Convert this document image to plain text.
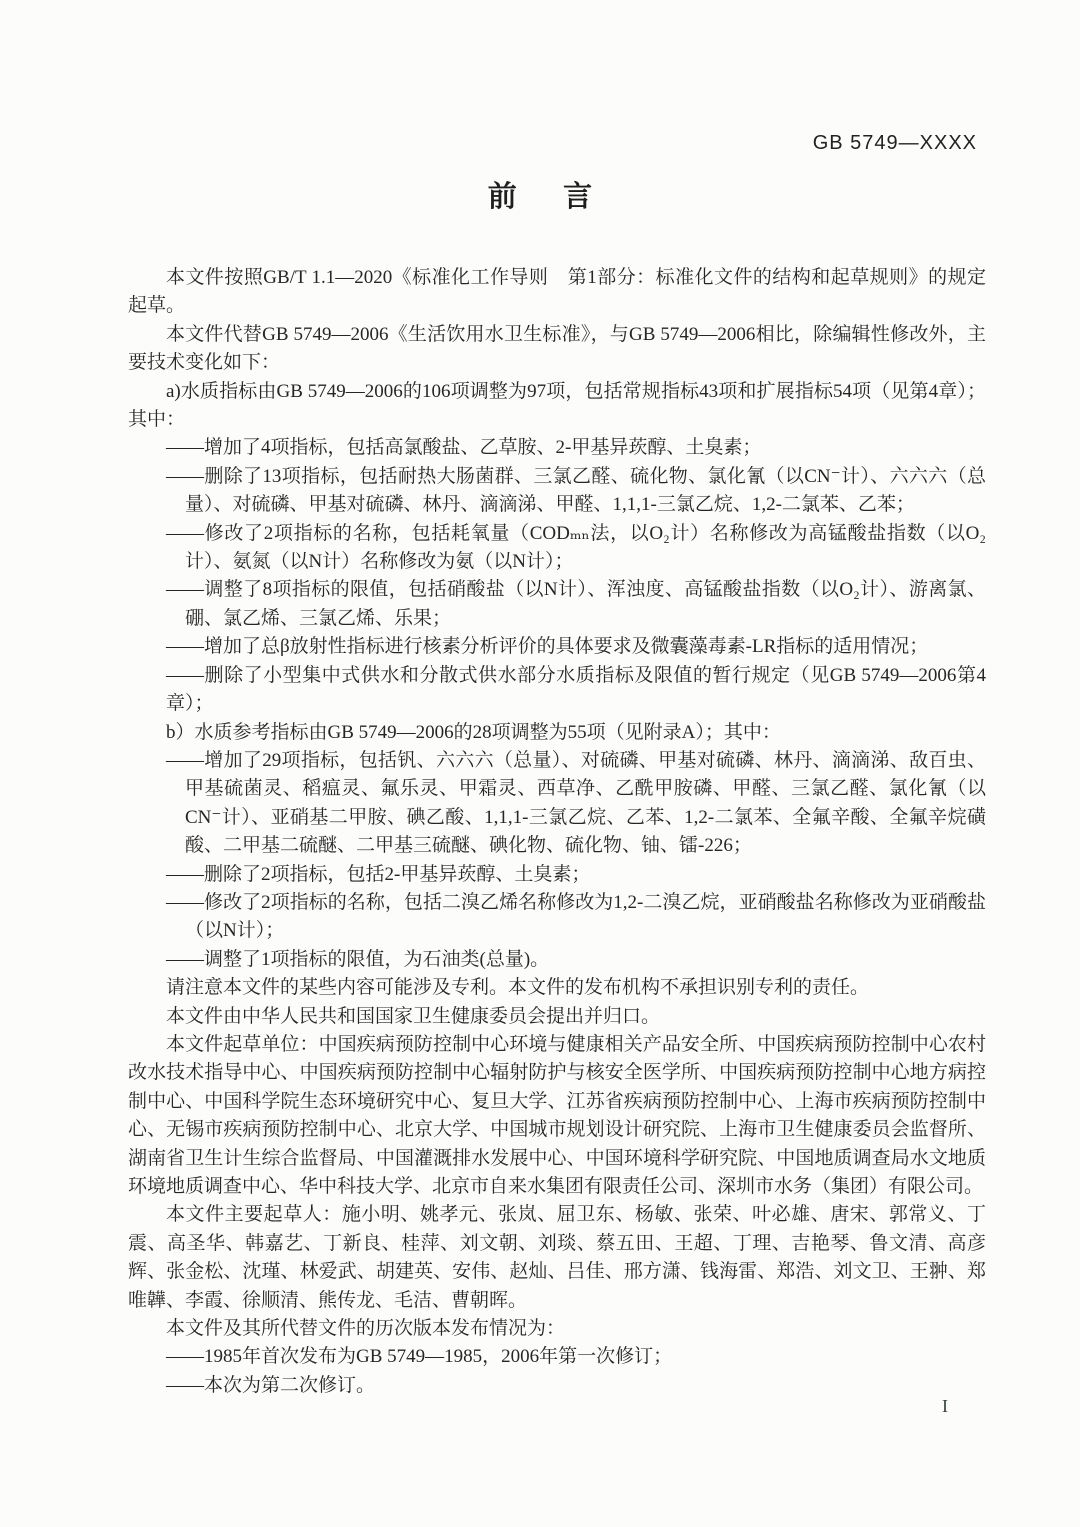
GB 5749—XXXX
前言

本文件按照GB/T 1.1—2020《标准化工作导则　第1部分：标准化文件的结构和起草规则》的规定起草。

本文件代替GB 5749—2006《生活饮用水卫生标准》，与GB 5749—2006相比，除编辑性修改外，主要技术变化如下：

a)水质指标由GB 5749—2006的106项调整为97项，包括常规指标43项和扩展指标54项（见第4章）；其中：

——增加了4项指标，包括高氯酸盐、乙草胺、2-甲基异莰醇、土臭素；

——删除了13项指标，包括耐热大肠菌群、三氯乙醛、硫化物、氯化氰（以CN⁻计）、六六六（总量）、对硫磷、甲基对硫磷、林丹、滴滴涕、甲醛、1,1,1-三氯乙烷、1,2-二氯苯、乙苯；

——修改了2项指标的名称，包括耗氧量（CODₘₙ法，以O₂计）名称修改为高锰酸盐指数（以O₂计）、氨氮（以N计）名称修改为氨（以N计）；

——调整了8项指标的限值，包括硝酸盐（以N计）、浑浊度、高锰酸盐指数（以O₂计）、游离氯、硼、氯乙烯、三氯乙烯、乐果；

——增加了总β放射性指标进行核素分析评价的具体要求及微囊藻毒素-LR指标的适用情况；

——删除了小型集中式供水和分散式供水部分水质指标及限值的暂行规定（见GB 5749—2006第4章）；

b）水质参考指标由GB 5749—2006的28项调整为55项（见附录A）；其中：

——增加了29项指标，包括钒、六六六（总量）、对硫磷、甲基对硫磷、林丹、滴滴涕、敌百虫、甲基硫菌灵、稻瘟灵、氟乐灵、甲霜灵、西草净、乙酰甲胺磷、甲醛、三氯乙醛、氯化氰（以CN⁻计）、亚硝基二甲胺、碘乙酸、1,1,1-三氯乙烷、乙苯、1,2-二氯苯、全氟辛酸、全氟辛烷磺酸、二甲基二硫醚、二甲基三硫醚、碘化物、硫化物、铀、镭-226；

——删除了2项指标，包括2-甲基异莰醇、土臭素；

——修改了2项指标的名称，包括二溴乙烯名称修改为1,2-二溴乙烷，亚硝酸盐名称修改为亚硝酸盐（以N计）；

——调整了1项指标的限值，为石油类(总量)。

请注意本文件的某些内容可能涉及专利。本文件的发布机构不承担识别专利的责任。

本文件由中华人民共和国国家卫生健康委员会提出并归口。

本文件起草单位：中国疾病预防控制中心环境与健康相关产品安全所、中国疾病预防控制中心农村改水技术指导中心、中国疾病预防控制中心辐射防护与核安全医学所、中国疾病预防控制中心地方病控制中心、中国科学院生态环境研究中心、复旦大学、江苏省疾病预防控制中心、上海市疾病预防控制中心、无锡市疾病预防控制中心、北京大学、中国城市规划设计研究院、上海市卫生健康委员会监督所、湖南省卫生计生综合监督局、中国灌溉排水发展中心、中国环境科学研究院、中国地质调查局水文地质环境地质调查中心、华中科技大学、北京市自来水集团有限责任公司、深圳市水务（集团）有限公司。

本文件主要起草人：施小明、姚孝元、张岚、屈卫东、杨敏、张荣、叶必雄、唐宋、郭常义、丁震、高圣华、韩嘉艺、丁新良、桂萍、刘文朝、刘琰、蔡五田、王超、丁理、吉艳琴、鲁文清、高彦辉、张金松、沈瑾、林爱武、胡建英、安伟、赵灿、吕佳、邢方潇、钱海雷、郑浩、刘文卫、王翀、郑唯韡、李霞、徐顺清、熊传龙、毛洁、曹朝晖。

本文件及其所代替文件的历次版本发布情况为：

——1985年首次发布为GB 5749—1985，2006年第一次修订；

——本次为第二次修订。

I
